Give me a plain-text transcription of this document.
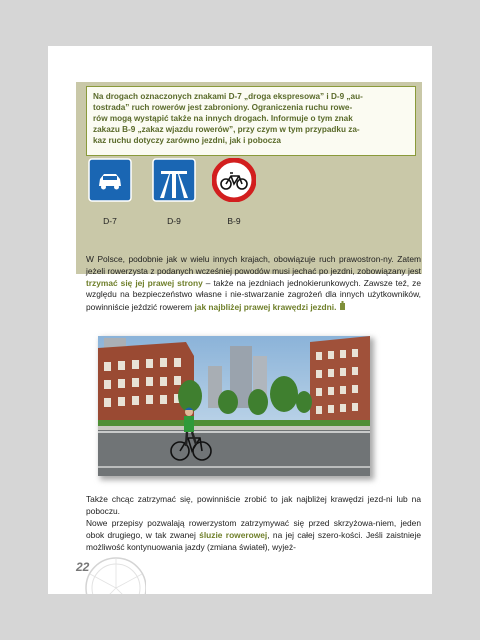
Na drogach oznaczonych znakami D-7 „droga ekspresowa” i D-9 „au-
tostrada” ruch rowerów jest zabroniony. Ograniczenia ruchu rowe-
rów mogą wystąpić także na innych drogach. Informuje o tym znak
zakazu B-9 „zakaz wjazdu rowerów”, przy czym w tym przypadku za-
kaz ruchu dotyczy zarówno jezdni, jak i pobocza
D-7	D-9	B-9
W Polsce, podobnie jak w wielu innych krajach, obowiązuje ruch prawostron-ny. Zatem jeżeli rowerzysta z podanych wcześniej powodów musi jechać po jezdni, zobowiązany jest trzymać się jej prawej strony – także na jezdniach jednokierunkowych. Zawsze teź, ze względu na bezpieczeństwo własne i nie-stwarzanie zagrożeń dla innych użytkowników, powinniście jeździć rowerem jak najbliżej prawej krawędzi jezdni.
Także chcąc zatrzymać się, powinniście zrobić to jak najbliżej krawędzi jezd-ni lub na poboczu.
Nowe przepisy pozwalają rowerzystom zatrzymywać się przed skrzyżowa-niem, jeden obok drugiego, w tak zwanej śluzie rowerowej, na jej całej szero-kości. Jeśli zaistnieje możliwość kontynuowania jazdy (zmiana świateł), wyjeż-
22
